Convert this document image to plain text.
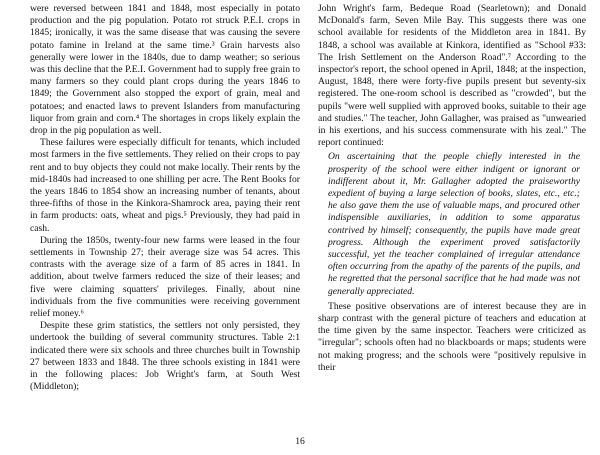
were reversed between 1841 and 1848, most especially in potato production and the pig population. Potato rot struck P.E.I. crops in 1845; ironically, it was the same disease that was causing the severe potato famine in Ireland at the same time.³ Grain harvests also generally were lower in the 1840s, due to damp weather; so serious was this decline that the P.E.I. Government had to supply free grain to many farmers so they could plant crops during the years 1846 to 1849; the Government also stopped the export of grain, meal and potatoes; and enacted laws to prevent Islanders from manufacturing liquor from grain and corn.⁴ The shortages in crops likely explain the drop in the pig population as well.

These failures were especially difficult for tenants, which included most farmers in the five settlements. They relied on their crops to pay rent and to buy objects they could not make locally. Their rents by the mid-1840s had increased to one shilling per acre. The Rent Books for the years 1846 to 1854 show an increasing number of tenants, about three-fifths of those in the Kinkora-Shamrock area, paying their rent in farm products: oats, wheat and pigs.⁵ Previously, they had paid in cash.

During the 1850s, twenty-four new farms were leased in the four settlements in Township 27; their average size was 54 acres. This contrasts with the average size of a farm of 85 acres in 1841. In addition, about twelve farmers reduced the size of their leases; and five were claiming squatters' privileges. Finally, about nine individuals from the five communities were receiving government relief money.⁶

Despite these grim statistics, the settlers not only persisted, they undertook the building of several community structures. Table 2:1 indicated there were six schools and three churches built in Township 27 between 1833 and 1848. The three schools existing in 1841 were in the following places: Job Wright's farm, at South West (Middleton);

John Wright's farm, Bedeque Road (Searletown); and Donald McDonald's farm, Seven Mile Bay. This suggests there was one school available for residents of the Middleton area in 1841. By 1848, a school was available at Kinkora, identified as "School #33: The Irish Settlement on the Anderson Road".⁷ According to the inspector's report, the school opened in April, 1848; at the inspection, August, 1848, there were forty-five pupils present but seventy-six registered. The one-room school is described as "crowded", but the pupils "were well supplied with approved books, suitable to their age and studies." The teacher, John Gallagher, was praised as "unwearied in his exertions, and his success commensurate with his zeal." The report continued:

On ascertaining that the people chiefly interested in the prosperity of the school were either indigent or ignorant or indifferent about it, Mr. Gallagher adopted the praiseworthy expedient of buying a large selection of books, slates, etc., etc.; he also gave them the use of valuable maps, and procured other indispensible auxiliaries, in addition to some apparatus contrived by himself; consequently, the pupils have made great progress. Although the experiment proved satisfactorily successful, yet the teacher complained of irregular attendance often occurring from the apathy of the parents of the pupils, and he regretted that the personal sacrifice that he had made was not generally appreciated.

These positive observations are of interest because they are in sharp contrast with the general picture of teachers and education at the time given by the same inspector. Teachers were criticized as "irregular"; schools often had no blackboards or maps; students were not making progress; and the schools were "positively repulsive in their

16
